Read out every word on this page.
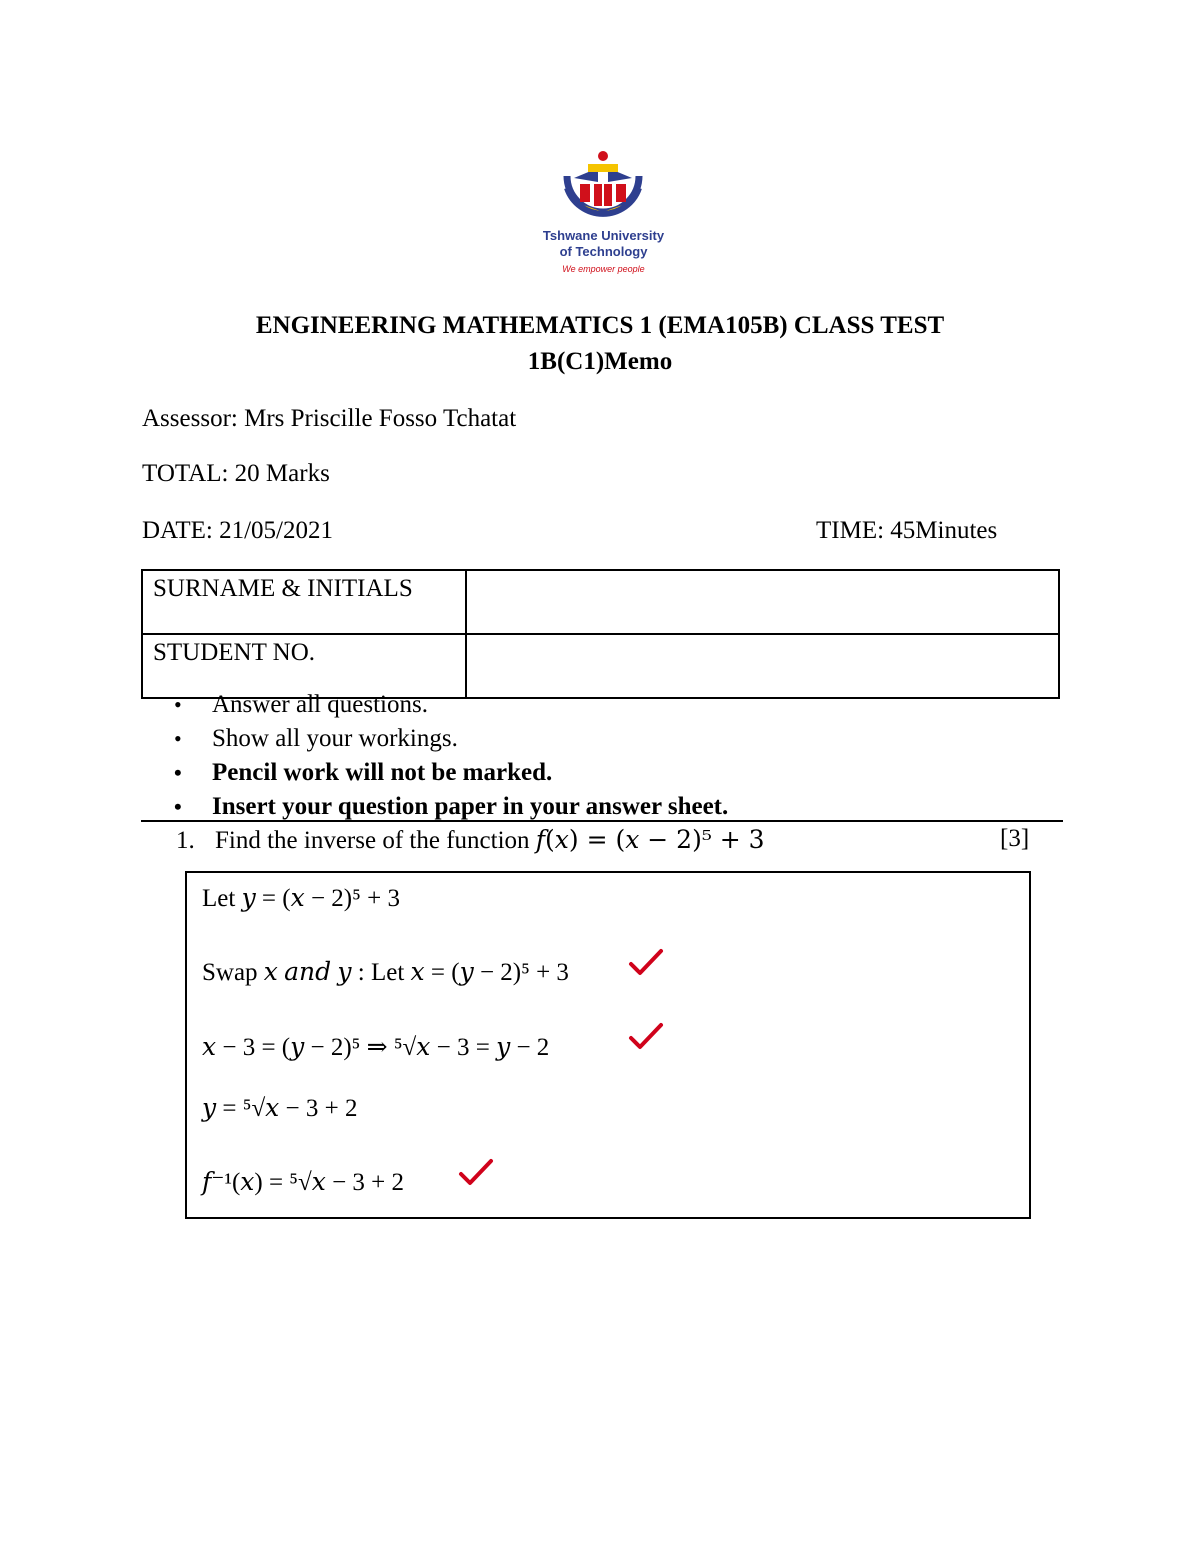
Tshwane University
of Technology
We empower people
ENGINEERING MATHEMATICS 1 (EMA105B) CLASS TEST
1B(C1)Memo
Assessor: Mrs Priscille Fosso Tchatat
TOTAL: 20 Marks
DATE: 21/05/2021	TIME: 45Minutes
SURNAME & INITIALS	
STUDENT NO.	
• Answer all questions.
• Show all your workings.
• Pencil work will not be marked.
• Insert your question paper in your answer sheet.
1. Find the inverse of the function 𝑓(𝑥) = (𝑥 − 2)⁵ + 3	[3]
Let 𝑦 = (𝑥 − 2)⁵ + 3
Swap 𝑥 𝑎𝑛𝑑 𝑦 : Let 𝑥 = (𝑦 − 2)⁵ + 3
𝑥 − 3 = (𝑦 − 2)⁵ ⇒ ⁵√𝑥 − 3 = 𝑦 − 2
𝑦 = ⁵√𝑥 − 3 + 2
𝑓⁻¹(𝑥) = ⁵√𝑥 − 3 + 2
